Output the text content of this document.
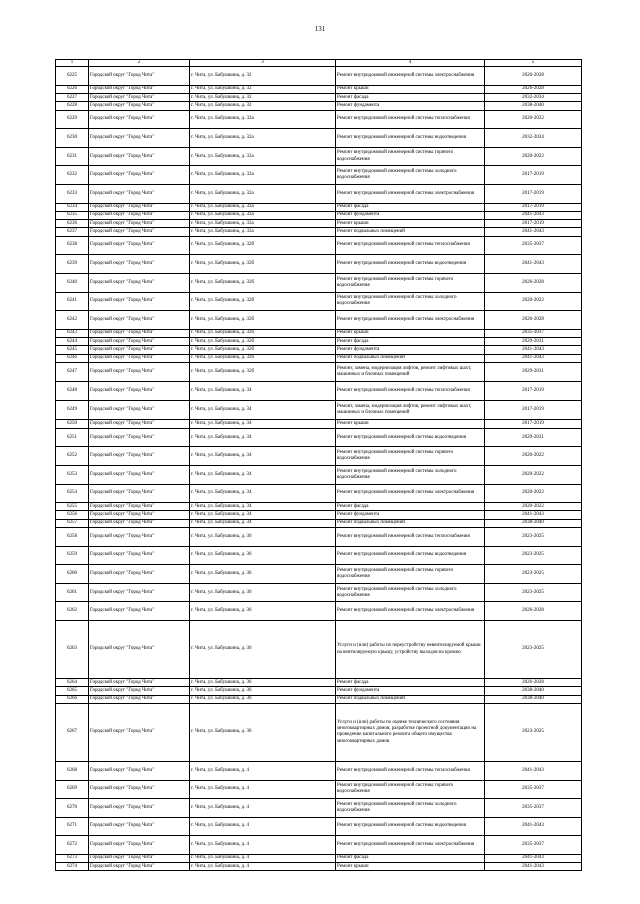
131
1	2	3	4	5
6225	Городской округ "Город Чита"	г. Чита, ул. Бабушкина, д. 32	Ремонт внутридомовой инженерной системы электроснабжения	2026-2028
6226	Городской округ "Город Чита"	г. Чита, ул. Бабушкина, д. 32	Ремонт крыши	2026-2028
6227	Городской округ "Город Чита"	г. Чита, ул. Бабушкина, д. 32	Ремонт фасада	2032-2034
6228	Городской округ "Город Чита"	г. Чита, ул. Бабушкина, д. 32	Ремонт фундамента	2038-2040
6229	Городской округ "Город Чита"	г. Чита, ул. Бабушкина, д. 32а	Ремонт внутридомовой инженерной системы теплоснабжения	2020-2022
6230	Городской округ "Город Чита"	г. Чита, ул. Бабушкина, д. 32а	Ремонт внутридомовой инженерной системы водоотведения	2032-2034
6231	Городской округ "Город Чита"	г. Чита, ул. Бабушкина, д. 32а	Ремонт внутридомовой инженерной системы горячего водоснабжения	2020-2022
6232	Городской округ "Город Чита"	г. Чита, ул. Бабушкина, д. 32а	Ремонт внутридомовой инженерной системы холодного водоснабжения	2017-2019
6233	Городской округ "Город Чита"	г. Чита, ул. Бабушкина, д. 32а	Ремонт внутридомовой инженерной системы электроснабжения	2017-2019
6234	Городской округ "Город Чита"	г. Чита, ул. Бабушкина, д. 32а	Ремонт фасада	2017-2019
6235	Городской округ "Город Чита"	г. Чита, ул. Бабушкина, д. 32а	Ремонт фундамента	2041-2043
6236	Городской округ "Город Чита"	г. Чита, ул. Бабушкина, д. 32а	Ремонт крыши	2017-2019
6237	Городской округ "Город Чита"	г. Чита, ул. Бабушкина, д. 32а	Ремонт подвальных помещений	2041-2043
6238	Городской округ "Город Чита"	г. Чита, ул. Бабушкина, д. 32б	Ремонт внутридомовой инженерной системы теплоснабжения	2035-2037
6239	Городской округ "Город Чита"	г. Чита, ул. Бабушкина, д. 32б	Ремонт внутридомовой инженерной системы водоотведения	2041-2043
6240	Городской округ "Город Чита"	г. Чита, ул. Бабушкина, д. 32б	Ремонт внутридомовой инженерной системы горячего водоснабжения	2026-2028
6241	Городской округ "Город Чита"	г. Чита, ул. Бабушкина, д. 32б	Ремонт внутридомовой инженерной системы холодного водоснабжения	2020-2022
6242	Городской округ "Город Чита"	г. Чита, ул. Бабушкина, д. 32б	Ремонт внутридомовой инженерной системы электроснабжения	2026-2028
6243	Городской округ "Город Чита"	г. Чита, ул. Бабушкина, д. 32б	Ремонт крыши	2035-2037
6244	Городской округ "Город Чита"	г. Чита, ул. Бабушкина, д. 32б	Ремонт фасада	2029-2031
6245	Городской округ "Город Чита"	г. Чита, ул. Бабушкина, д. 32б	Ремонт фундамента	2041-2043
6246	Городской округ "Город Чита"	г. Чита, ул. Бабушкина, д. 32б	Ремонт подвальных помещений	2041-2043
6247	Городской округ "Город Чита"	г. Чита, ул. Бабушкина, д. 32б	Ремонт, замена, модернизация лифтов, ремонт лифтовых шахт, машинных и блочных помещений	2029-2031
6248	Городской округ "Город Чита"	г. Чита, ул. Бабушкина, д. 34	Ремонт внутридомовой инженерной системы теплоснабжения	2017-2019
6249	Городской округ "Город Чита"	г. Чита, ул. Бабушкина, д. 34	Ремонт, замена, модернизация лифтов, ремонт лифтовых шахт, машинных и блочных помещений	2017-2019
6250	Городской округ "Город Чита"	г. Чита, ул. Бабушкина, д. 34	Ремонт крыши	2017-2019
6251	Городской округ "Город Чита"	г. Чита, ул. Бабушкина, д. 34	Ремонт внутридомовой инженерной системы водоотведения	2029-2031
6252	Городской округ "Город Чита"	г. Чита, ул. Бабушкина, д. 34	Ремонт внутридомовой инженерной системы горячего водоснабжения	2020-2022
6253	Городской округ "Город Чита"	г. Чита, ул. Бабушкина, д. 34	Ремонт внутридомовой инженерной системы холодного водоснабжения	2020-2022
6254	Городской округ "Город Чита"	г. Чита, ул. Бабушкина, д. 34	Ремонт внутридомовой инженерной системы электроснабжения	2020-2022
6255	Городской округ "Город Чита"	г. Чита, ул. Бабушкина, д. 34	Ремонт фасада	2020-2022
6256	Городской округ "Город Чита"	г. Чита, ул. Бабушкина, д. 34	Ремонт фундамента	2041-2043
6257	Городской округ "Город Чита"	г. Чита, ул. Бабушкина, д. 34	Ремонт подвальных помещений	2038-2040
6258	Городской округ "Город Чита"	г. Чита, ул. Бабушкина, д. 36	Ремонт внутридомовой инженерной системы теплоснабжения	2023-2025
6259	Городской округ "Город Чита"	г. Чита, ул. Бабушкина, д. 36	Ремонт внутридомовой инженерной системы водоотведения	2023-2025
6260	Городской округ "Город Чита"	г. Чита, ул. Бабушкина, д. 36	Ремонт внутридомовой инженерной системы горячего водоснабжения	2023-2025
6261	Городской округ "Город Чита"	г. Чита, ул. Бабушкина, д. 36	Ремонт внутридомовой инженерной системы холодного водоснабжения	2023-2025
6262	Городской округ "Город Чита"	г. Чита, ул. Бабушкина, д. 36	Ремонт внутридомовой инженерной системы электроснабжения	2026-2028
6263	Городской округ "Город Чита"	г. Чита, ул. Бабушкина, д. 36	Услуги и (или) работы по переустройству невентилируемой крыши на вентилируемую крышу, устройству выходов на кровлю	2023-2025
6264	Городской округ "Город Чита"	г. Чита, ул. Бабушкина, д. 36	Ремонт фасада	2026-2028
6265	Городской округ "Город Чита"	г. Чита, ул. Бабушкина, д. 36	Ремонт фундамента	2038-2040
6266	Городской округ "Город Чита"	г. Чита, ул. Бабушкина, д. 36	Ремонт подвальных помещений	2038-2040
6267	Городской округ "Город Чита"	г. Чита, ул. Бабушкина, д. 36	Услуги и (или) работы по оценке технического состояния многоквартирных домов, разработке проектной документации на проведение капитального ремонта общего имущества многоквартирных домов	2023-2025
6268	Городской округ "Город Чита"	г. Чита, ул. Бабушкина, д. 4	Ремонт внутридомовой инженерной системы теплоснабжения	2041-2043
6269	Городской округ "Город Чита"	г. Чита, ул. Бабушкина, д. 4	Ремонт внутридомовой инженерной системы горячего водоснабжения	2035-2037
6270	Городской округ "Город Чита"	г. Чита, ул. Бабушкина, д. 4	Ремонт внутридомовой инженерной системы холодного водоснабжения	2035-2037
6271	Городской округ "Город Чита"	г. Чита, ул. Бабушкина, д. 4	Ремонт внутридомовой инженерной системы водоотведения	2041-2043
6272	Городской округ "Город Чита"	г. Чита, ул. Бабушкина, д. 4	Ремонт внутридомовой инженерной системы электроснабжения	2035-2037
6273	Городской округ "Город Чита"	г. Чита, ул. Бабушкина, д. 4	Ремонт фасада	2041-2043
6274	Городской округ "Город Чита"	г. Чита, ул. Бабушкина, д. 4	Ремонт крыши	2041-2043
